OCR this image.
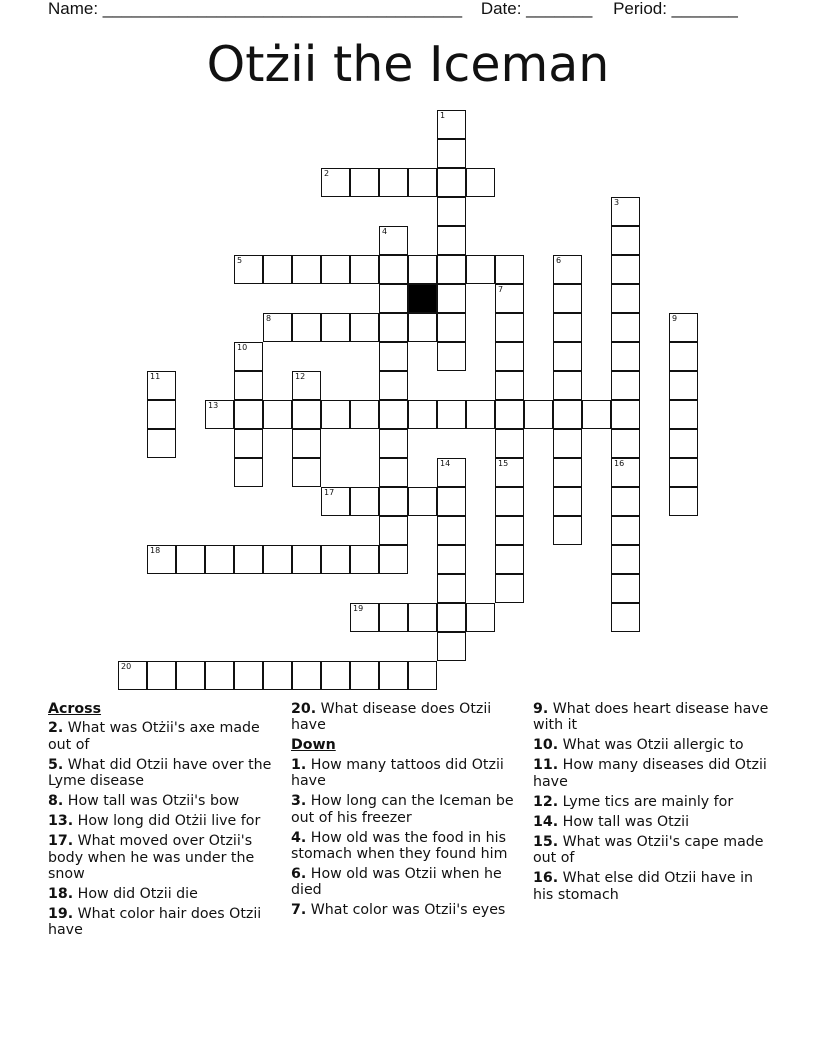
Name: ______________________________________ Date: _______ Period: _______
Otżii the Iceman
1
2
3
16
4
5	6
7
15
8	9
10
11	12
13
14
17
18
19
20
Across
2. What was Otżii's axe made out of
5. What did Otzii have over the Lyme disease
8. How tall was Otzii's bow
13. How long did Otżii live for
17. What moved over Otzii's body when he was under the snow
18. How did Otzii die
19. What color hair does Otzii have
20. What disease does Otzii have
Down
1. How many tattoos did Otzii have
3. How long can the Iceman be out of his freezer
4. How old was the food in his stomach when they found him
6. How old was Otzii when he died
7. What color was Otzii's eyes
9. What does heart disease have with it
10. What was Otzii allergic to
11. How many diseases did Otzii have
12. Lyme tics are mainly for
14. How tall was Otzii
15. What was Otzii's cape made out of
16. What else did Otzii have in his stomach
